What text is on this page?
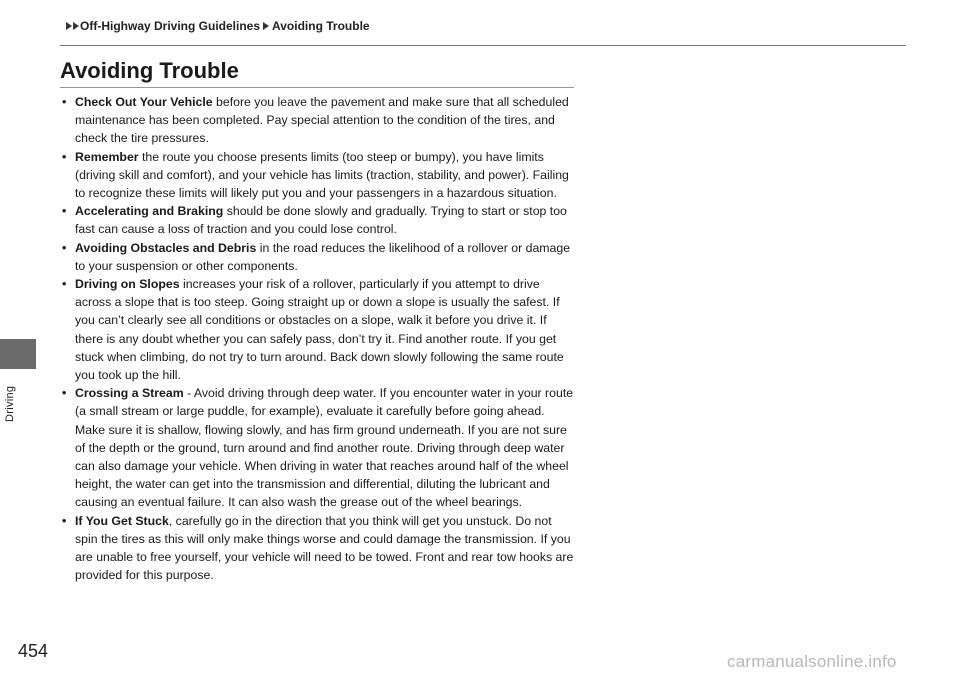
Off-Highway Driving Guidelines Avoiding Trouble
Driving
454
Avoiding Trouble
• Check Out Your Vehicle before you leave the pavement and make sure that all scheduled maintenance has been completed. Pay special attention to the condition of the tires, and check the tire pressures.
• Remember the route you choose presents limits (too steep or bumpy), you have limits (driving skill and comfort), and your vehicle has limits (traction, stability, and power). Failing to recognize these limits will likely put you and your passengers in a hazardous situation.
• Accelerating and Braking should be done slowly and gradually. Trying to start or stop too fast can cause a loss of traction and you could lose control.
• Avoiding Obstacles and Debris in the road reduces the likelihood of a rollover or damage to your suspension or other components.
• Driving on Slopes increases your risk of a rollover, particularly if you attempt to drive across a slope that is too steep. Going straight up or down a slope is usually the safest. If you can’t clearly see all conditions or obstacles on a slope, walk it before you drive it. If there is any doubt whether you can safely pass, don’t try it. Find another route. If you get stuck when climbing, do not try to turn around. Back down slowly following the same route you took up the hill.
• Crossing a Stream - Avoid driving through deep water. If you encounter water in your route (a small stream or large puddle, for example), evaluate it carefully before going ahead. Make sure it is shallow, flowing slowly, and has firm ground underneath. If you are not sure of the depth or the ground, turn around and find another route. Driving through deep water can also damage your vehicle. When driving in water that reaches around half of the wheel height, the water can get into the transmission and differential, diluting the lubricant and causing an eventual failure. It can also wash the grease out of the wheel bearings.
• If You Get Stuck, carefully go in the direction that you think will get you unstuck. Do not spin the tires as this will only make things worse and could damage the transmission. If you are unable to free yourself, your vehicle will need to be towed. Front and rear tow hooks are provided for this purpose.
carmanualsonline.info
